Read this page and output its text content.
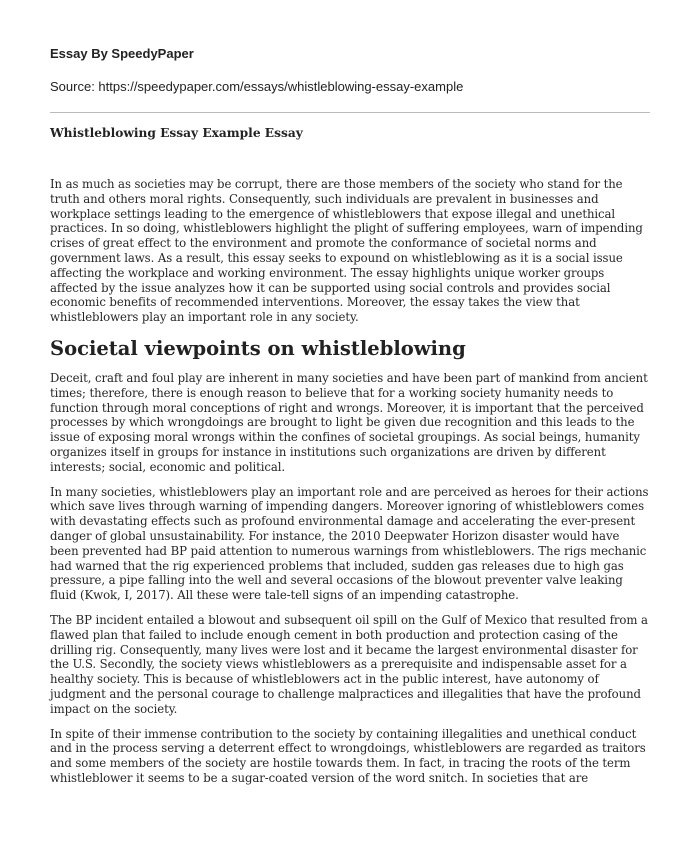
Essay By SpeedyPaper
Source: https://speedypaper.com/essays/whistleblowing-essay-example
Whistleblowing Essay Example Essay

In as much as societies may be corrupt, there are those members of the society who stand for the truth and others moral rights. Consequently, such individuals are prevalent in businesses and workplace settings leading to the emergence of whistleblowers that expose illegal and unethical practices. In so doing, whistleblowers highlight the plight of suffering employees, warn of impending crises of great effect to the environment and promote the conformance of societal norms and government laws. As a result, this essay seeks to expound on whistleblowing as it is a social issue affecting the workplace and working environment. The essay highlights unique worker groups affected by the issue analyzes how it can be supported using social controls and provides social economic benefits of recommended interventions. Moreover, the essay takes the view that whistleblowers play an important role in any society.

Societal viewpoints on whistleblowing

Deceit, craft and foul play are inherent in many societies and have been part of mankind from ancient times; therefore, there is enough reason to believe that for a working society humanity needs to function through moral conceptions of right and wrongs. Moreover, it is important that the perceived processes by which wrongdoings are brought to light be given due recognition and this leads to the issue of exposing moral wrongs within the confines of societal groupings. As social beings, humanity organizes itself in groups for instance in institutions such organizations are driven by different interests; social, economic and political.

In many societies, whistleblowers play an important role and are perceived as heroes for their actions which save lives through warning of impending dangers. Moreover ignoring of whistleblowers comes with devastating effects such as profound environmental damage and accelerating the ever-present danger of global unsustainability. For instance, the 2010 Deepwater Horizon disaster would have been prevented had BP paid attention to numerous warnings from whistleblowers. The rigs mechanic had warned that the rig experienced problems that included, sudden gas releases due to high gas pressure, a pipe falling into the well and several occasions of the blowout preventer valve leaking fluid (Kwok, I, 2017). All these were tale-tell signs of an impending catastrophe.

The BP incident entailed a blowout and subsequent oil spill on the Gulf of Mexico that resulted from a flawed plan that failed to include enough cement in both production and protection casing of the drilling rig. Consequently, many lives were lost and it became the largest environmental disaster for the U.S. Secondly, the society views whistleblowers as a prerequisite and indispensable asset for a healthy society. This is because of whistleblowers act in the public interest, have autonomy of judgment and the personal courage to challenge malpractices and illegalities that have the profound impact on the society.

In spite of their immense contribution to the society by containing illegalities and unethical conduct and in the process serving a deterrent effect to wrongdoings, whistleblowers are regarded as traitors and some members of the society are hostile towards them. In fact, in tracing the roots of the term whistleblower it seems to be a sugar-coated version of the word snitch. In societies that are
